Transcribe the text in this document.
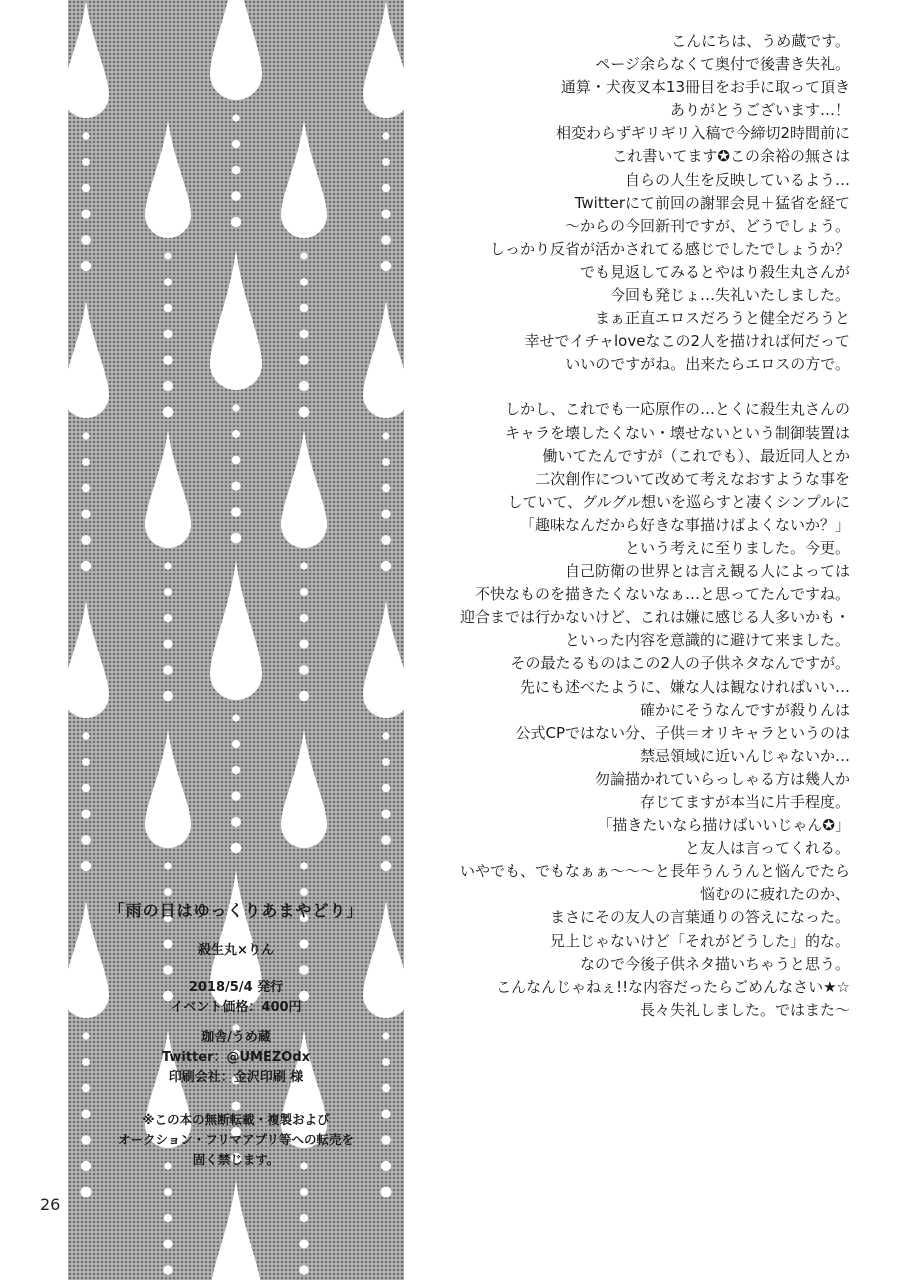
「雨の日はゆっくりあまやどり」
殺生丸×りん
2018/5/4 発行
イベント価格：400円
珈舎/うめ蔵
Twitter：@UMEZOdx
印刷会社：金沢印刷 様
※この本の無断転載・複製および
オークション・フリマアプリ等への転売を
固く禁じます。
26
こんにちは、うめ蔵です。
ページ余らなくて奥付で後書き失礼。
通算・犬夜叉本13冊目をお手に取って頂き
ありがとうございます…！
相変わらずギリギリ入稿で今締切2時間前に
これ書いてます✪この余裕の無さは
自らの人生を反映しているよう…
Twitterにて前回の謝罪会見＋猛省を経て
〜からの今回新刊ですが、どうでしょう。
しっかり反省が活かされてる感じでしたでしょうか？
でも見返してみるとやはり殺生丸さんが
今回も発じょ…失礼いたしました。
まぁ正直エロスだろうと健全だろうと
幸せでイチャloveなこの2人を描ければ何だって
いいのですがね。出来たらエロスの方で。
しかし、これでも一応原作の…とくに殺生丸さんの
キャラを壊したくない・壊せないという制御装置は
働いてたんですが（これでも）、最近同人とか
二次創作について改めて考えなおすような事を
していて、グルグル想いを巡らすと凄くシンプルに
「趣味なんだから好きな事描けばよくないか？」
という考えに至りました。今更。
自己防衛の世界とは言え観る人によっては
不快なものを描きたくないなぁ…と思ってたんですね。
迎合までは行かないけど、これは嫌に感じる人多いかも・
といった内容を意識的に避けて来ました。
その最たるものはこの2人の子供ネタなんですが。
先にも述べたように、嫌な人は観なければいい…
確かにそうなんですが殺りんは
公式CPではない分、子供＝オリキャラというのは
禁忌領域に近いんじゃないか…
勿論描かれていらっしゃる方は幾人か
存じてますが本当に片手程度。
「描きたいなら描けばいいじゃん✪」
と友人は言ってくれる。
いやでも、でもなぁぁ〜〜〜と長年うんうんと悩んでたら
悩むのに疲れたのか、
まさにその友人の言葉通りの答えになった。
兄上じゃないけど「それがどうした」的な。
なので今後子供ネタ描いちゃうと思う。
こんなんじゃねぇ!!な内容だったらごめんなさい★☆
長々失礼しました。ではまた〜
